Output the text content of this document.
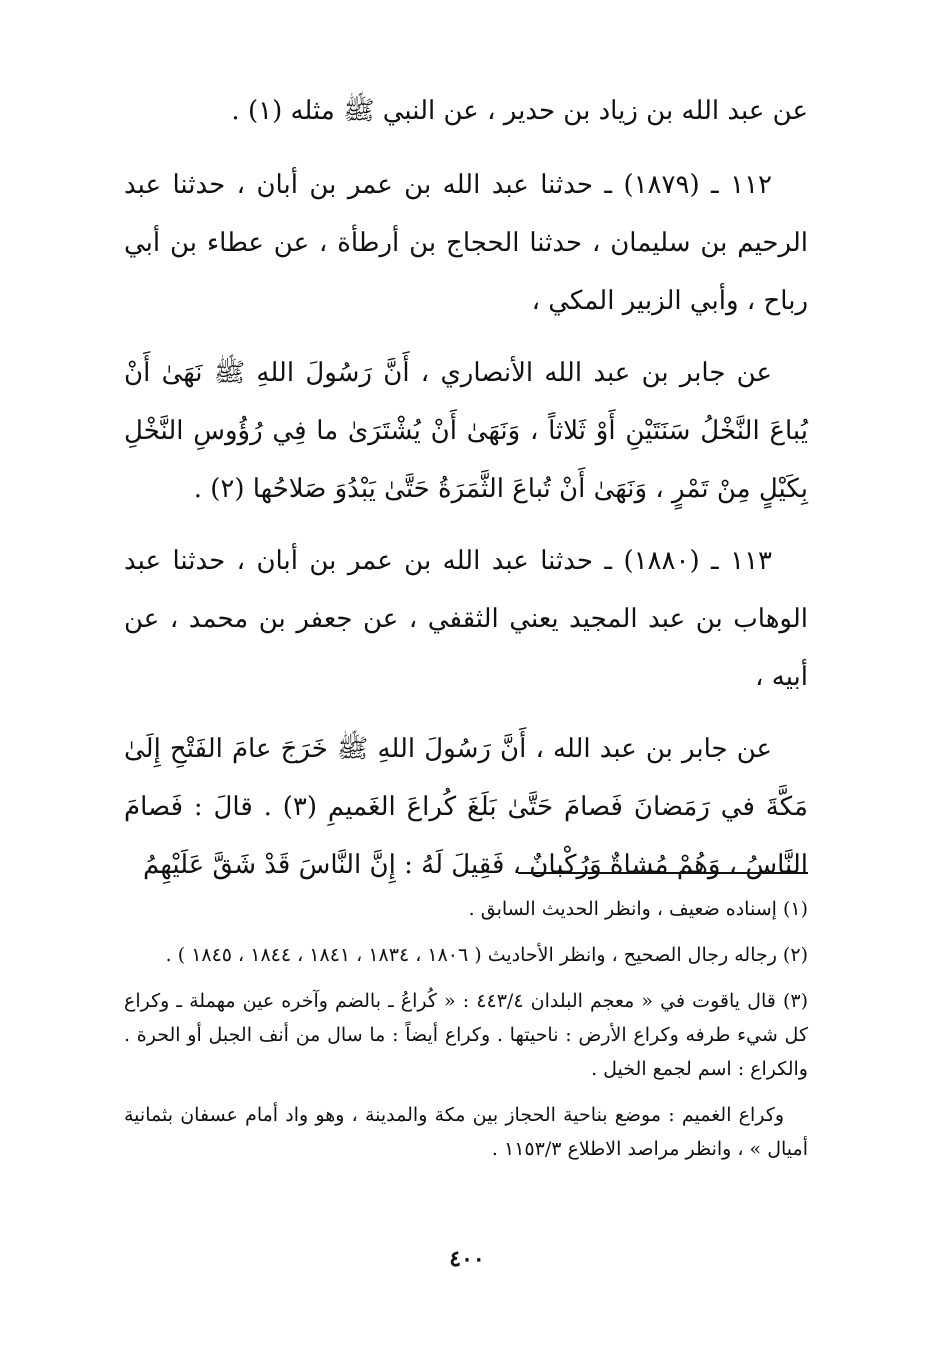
عن عبد الله بن زياد بن حدير ، عن النبي ﷺ مثله (١) .

١١٢ ـ (١٨٧٩) ـ حدثنا عبد الله بن عمر بن أبان ، حدثنا عبد الرحيم بن سليمان ، حدثنا الحجاج بن أرطأة ، عن عطاء بن أبي رباح ، وأبي الزبير المكي ،

عن جابر بن عبد الله الأنصاري ، أَنَّ رَسُولَ اللهِ ﷺ نَهَىٰ أَنْ يُباعَ النَّخْلُ سَنَتَيْنِ أَوْ ثَلاثاً ، وَنَهَىٰ أَنْ يُشْتَرَىٰ ما فِي رُؤُوسِ النَّخْلِ بِكَيْلٍ مِنْ تَمْرٍ ، وَنَهَىٰ أَنْ تُباعَ الثَّمَرَةُ حَتَّىٰ يَبْدُوَ صَلاحُها (٢) .

١١٣ ـ (١٨٨٠) ـ حدثنا عبد الله بن عمر بن أبان ، حدثنا عبد الوهاب بن عبد المجيد يعني الثقفي ، عن جعفر بن محمد ، عن أبيه ،

عن جابر بن عبد الله ، أَنَّ رَسُولَ اللهِ ﷺ خَرَجَ عامَ الفَتْحِ إِلَىٰ مَكَّةَ في رَمَضانَ فَصامَ حَتَّىٰ بَلَغَ كُراعَ الغَميمِ (٣) . قالَ : فَصامَ النَّاسُ ، وَهُمْ مُشاةٌ وَرُكْبانٌ ، فَقِيلَ لَهُ : إِنَّ النَّاسَ قَدْ شَقَّ عَلَيْهِمُ

(١) إسناده ضعيف ، وانظر الحديث السابق .

(٢) رجاله رجال الصحيح ، وانظر الأحاديث ( ١٨٠٦ ، ١٨٣٤ ، ١٨٤١ ، ١٨٤٤ ، ١٨٤٥ ) .

(٣) قال ياقوت في « معجم البلدان ٤٤٣/٤ : « كُراعُ ـ بالضم وآخره عين مهملة ـ وكراع كل شيء طرفه وكراع الأرض : ناحيتها . وكراع أيضاً : ما سال من أنف الجبل أو الحرة . والكراع : اسم لجمع الخيل .

وكراع الغميم : موضع بناحية الحجاز بين مكة والمدينة ، وهو واد أمام عسفان بثمانية أميال » ، وانظر مراصد الاطلاع ١١٥٣/٣ .

٤٠٠
